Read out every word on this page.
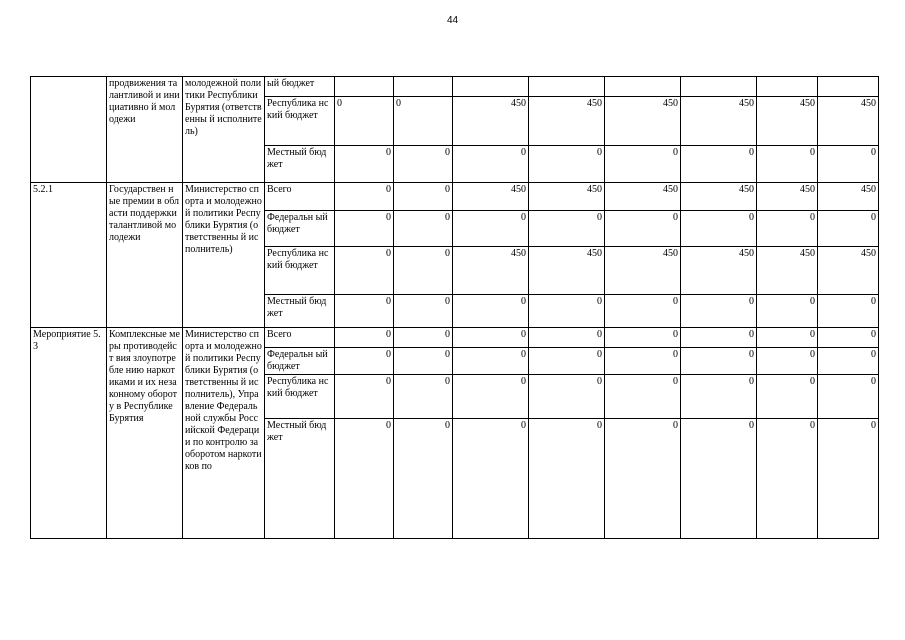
44
	продвижения талантливой и инициативно й молодежи	молодежной политики Республики Бурятия (ответственны й исполнитель)	ый бюджет								
			Республика нский бюджет	0	0	450	450	450	450	450	450
			Местный бюджет	0	0	0	0	0	0	0	0
5.2.1	Государствен ные премии в области поддержки талантливой молодежи	Министерство спорта и молодежной политики Республики Бурятия (ответственны й исполнитель)	Всего	0	0	450	450	450	450	450	450
			Федеральн ый бюджет	0	0	0	0	0	0	0	0
			Республика нский бюджет	0	0	450	450	450	450	450	450
			Местный бюджет	0	0	0	0	0	0	0	0
Мероприятие 5.3	Комплексные меры противодейст вия злоупотребле нию наркотиками и их незаконному обороту в Республике Бурятия	Министерство спорта и молодежной политики Республики Бурятия (ответственны й исполнитель), Управление Федеральной службы Российской Федерации по контролю за оборотом наркотиков по	Всего	0	0	0	0	0	0	0	0
			Федеральн ый бюджет	0	0	0	0	0	0	0	0
			Республика нский бюджет	0	0	0	0	0	0	0	0
			Местный бюджет	0	0	0	0	0	0	0	0
